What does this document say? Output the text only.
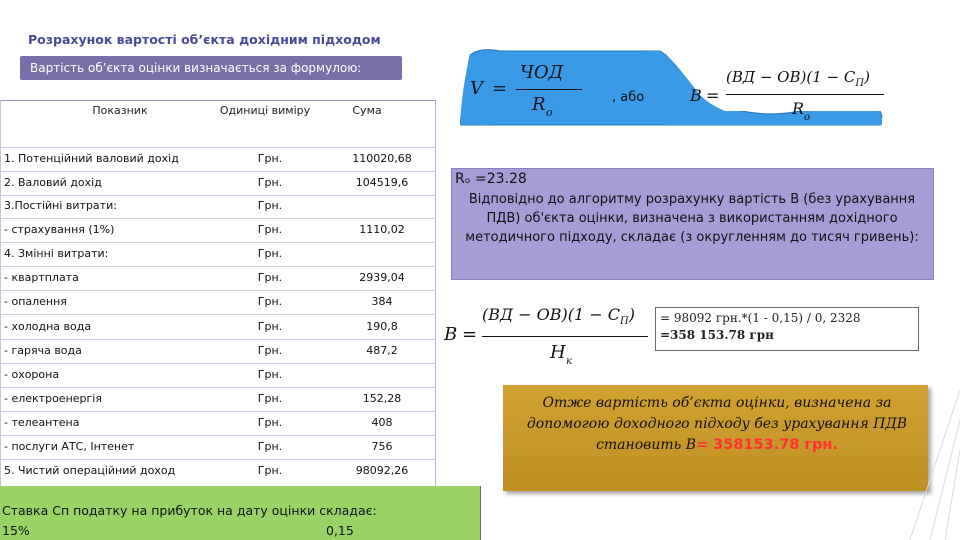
Розрахунок вартості об’єкта дохідним підходом
Вартість об’єкта оцінки визначається за формулою:
Показник	Одиниці виміру	Сума
1. Потенційний валовий дохід	Грн.	110020,68
2. Валовий дохід	Грн.	104519,6
3.Постійні витрати:	Грн.
- страхування (1%)	Грн.	1110,02
4. Змінні витрати:	Грн.
- квартплата	Грн.	2939,04
- опалення	Грн.	384
- холодна вода	Грн.	190,8
- гаряча вода	Грн.	487,2
- охорона	Грн.
- електроенергія	Грн.	152,28
- телеантена	Грн.	408
- послуги АТС, Інтенет	Грн.	756
5. Чистий операційний доход	Грн.	98092,26
Ставка Cп податку на прибуток на дату оцінки складає:
15%	0,15
V =
ЧОД
R o
, або	B =
$(ВД - ОВ)(1 - С_П)$
R o
Rₒ =23.28
Відповідно до алгоритму розрахунку вартість В (без урахування ПДВ) об'єкта оцінки, визначена з використанням дохідного методичного підходу, складає (з округленням до тисяч гривень):
B =
$(ВД - ОВ)(1 - С_П)$
Н к
= 98092 грн.*(1 - 0,15) / 0, 2328
=358 153.78 грн
Отже вартість об’єкта оцінки, визначена за допомогою доходного підходу без урахування ПДВ становить В= 358153.78 грн.
